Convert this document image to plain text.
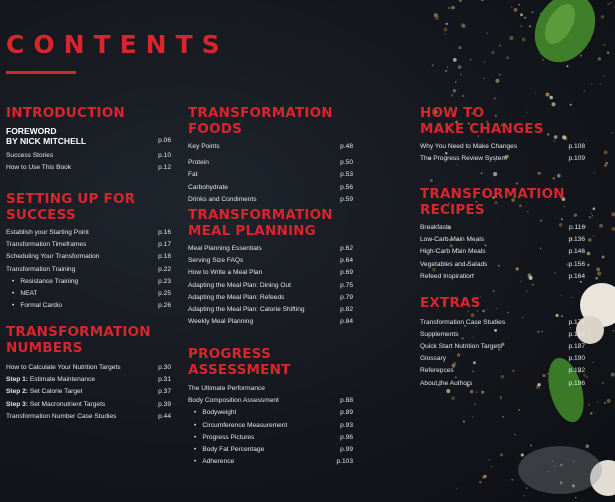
CONTENTS
INTRODUCTION
FOREWORD
BY NICK MITCHELL	p.06
Success Stories	p.10
How to Use This Book	p.12
SETTING UP FOR
SUCCESS
Establish your Starting Point	p.16
Transformation Timeframes	p.17
Scheduling Your Transformation	p.18
Transformation Training	p.22
• Resistance Training	p.23
• NEAT	p.25
• Formal Cardio	p.26
TRANSFORMATION
NUMBERS
How to Calculate Your Nutrition Targets	p.30
Step 1: Estimate Maintenance	p.31
Step 2: Set Calorie Target	p.37
Step 3: Set Macronutrient Targets	p.39
Transformation Number Case Studies	p.44
TRANSFORMATION FOODS
Key Points	p.48
Protein	p.50
Fat	p.53
Carbohydrate	p.56
Drinks and Condiments	p.59
TRANSFORMATION
MEAL PLANNING
Meal Planning Essentials	p.62
Serving Size FAQs	p.64
How to Write a Meal Plan	p.69
Adapting the Meal Plan: Dining Out	p.75
Adapting the Meal Plan: Refeeds	p.79
Adapting the Meal Plan: Calorie Shifting	p.82
Weekly Meal Planning	p.84
PROGRESS ASSESSMENT
The Ultimate Performance
Body Composition Assessment	p.88
• Bodyweight	p.89
• Circumference Measurement	p.93
• Progress Pictures	p.96
• Body Fat Percentage	p.99
• Adherence	p.103
HOW TO
MAKE CHANGES
Why You Need to Make Changes	p.108
The Progress Review System	p.109
TRANSFORMATION
RECIPES
Breakfasts	p.116
Low-Carb Main Meals	p.136
High-Carb Main Meals	p.146
Vegetables and Salads	p.156
Refeed Inspiration	p.164
EXTRAS
Transformation Case Studies	p.174
Supplements	p.186
Quick Start Nutrition Targets	p.187
Glossary	p.190
References	p.192
About the Authors	p.196
